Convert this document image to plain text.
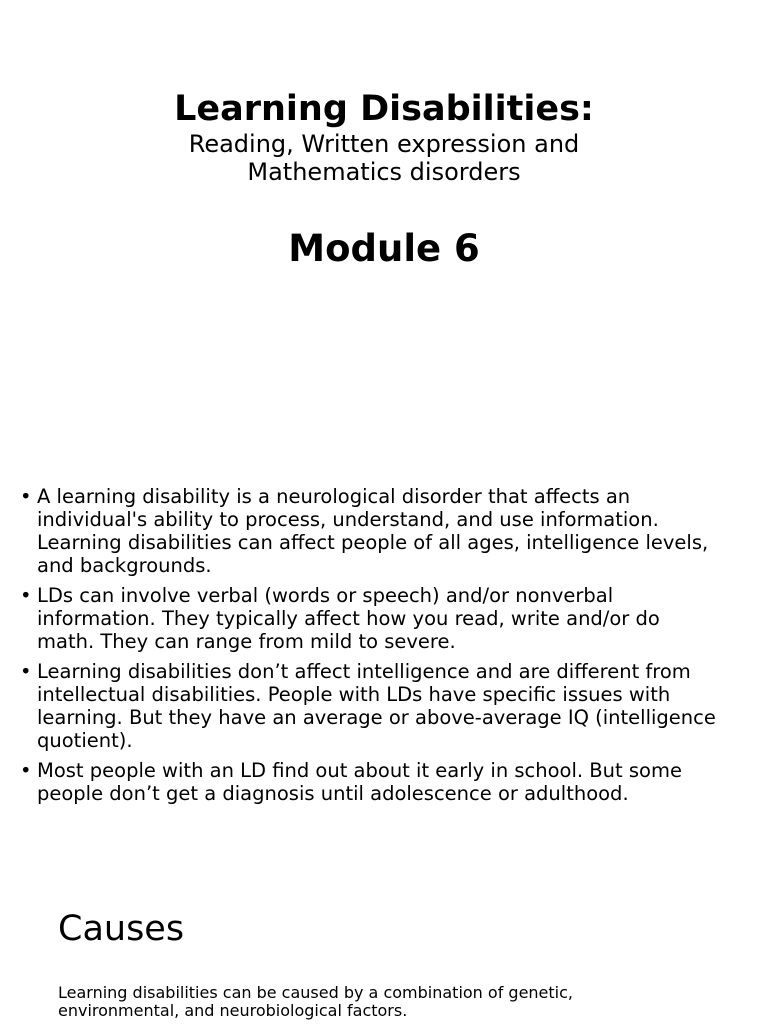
Learning Disabilities:

Reading, Written expression and Mathematics disorders

Module 6
• A learning disability is a neurological disorder that affects an individual's ability to process, understand, and use information. Learning disabilities can affect people of all ages, intelligence levels, and backgrounds.
• LDs can involve verbal (words or speech) and/or nonverbal information. They typically affect how you read, write and/or do math. They can range from mild to severe.
• Learning disabilities don’t affect intelligence and are different from intellectual disabilities. People with LDs have specific issues with learning. But they have an average or above-average IQ (intelligence quotient).
• Most people with an LD find out about it early in school. But some people don’t get a diagnosis until adolescence or adulthood.
Causes

Learning disabilities can be caused by a combination of genetic, environmental, and neurobiological factors.
